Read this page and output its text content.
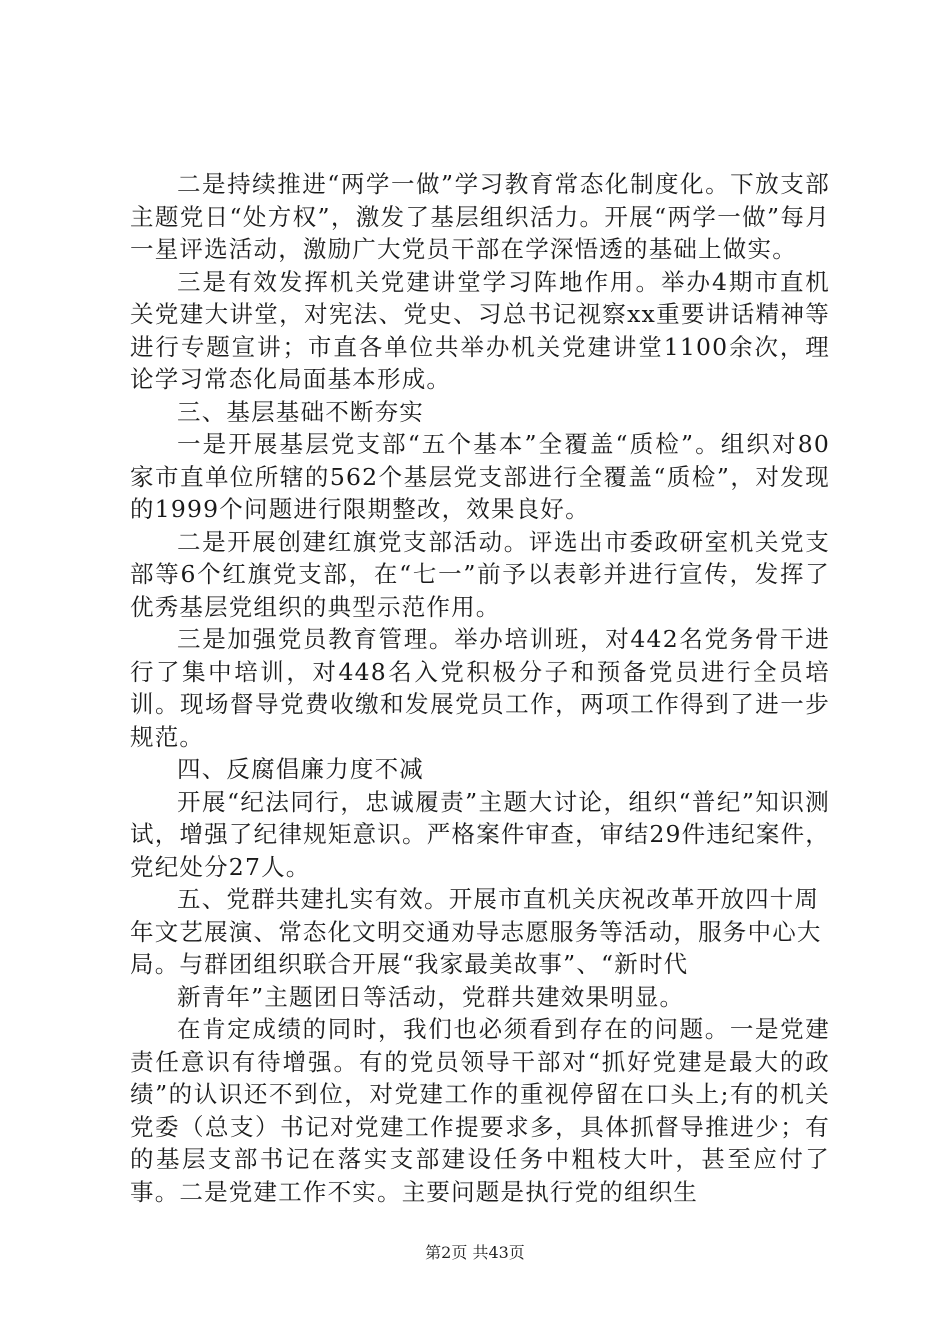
二是持续推进“两学一做”学习教育常态化制度化。下放支部主题党日“处方权”，激发了基层组织活力。开展“两学一做”每月一星评选活动，激励广大党员干部在学深悟透的基础上做实。

三是有效发挥机关党建讲堂学习阵地作用。举办4期市直机关党建大讲堂，对宪法、党史、习总书记视察xx重要讲话精神等进行专题宣讲；市直各单位共举办机关党建讲堂1100余次，理论学习常态化局面基本形成。

三、基层基础不断夯实

一是开展基层党支部“五个基本”全覆盖“质检”。组织对80家市直单位所辖的562个基层党支部进行全覆盖“质检”，对发现的1999个问题进行限期整改，效果良好。

二是开展创建红旗党支部活动。评选出市委政研室机关党支部等6个红旗党支部，在“七一”前予以表彰并进行宣传，发挥了优秀基层党组织的典型示范作用。

三是加强党员教育管理。举办培训班，对442名党务骨干进行了集中培训，对448名入党积极分子和预备党员进行全员培训。现场督导党费收缴和发展党员工作，两项工作得到了进一步规范。

四、反腐倡廉力度不减

开展“纪法同行，忠诚履责”主题大讨论，组织“普纪”知识测试，增强了纪律规矩意识。严格案件审查，审结29件违纪案件，党纪处分27人。

五、党群共建扎实有效。开展市直机关庆祝改革开放四十周年文艺展演、常态化文明交通劝导志愿服务等活动，服务中心大局。与群团组织联合开展“我家最美故事”、“新时代

新青年”主题团日等活动，党群共建效果明显。

在肯定成绩的同时，我们也必须看到存在的问题。一是党建责任意识有待增强。有的党员领导干部对“抓好党建是最大的政绩”的认识还不到位，对党建工作的重视停留在口头上;有的机关党委（总支）书记对党建工作提要求多，具体抓督导推进少；有的基层支部书记在落实支部建设任务中粗枝大叶，甚至应付了事。二是党建工作不实。主要问题是执行党的组织生

第2页 共43页
